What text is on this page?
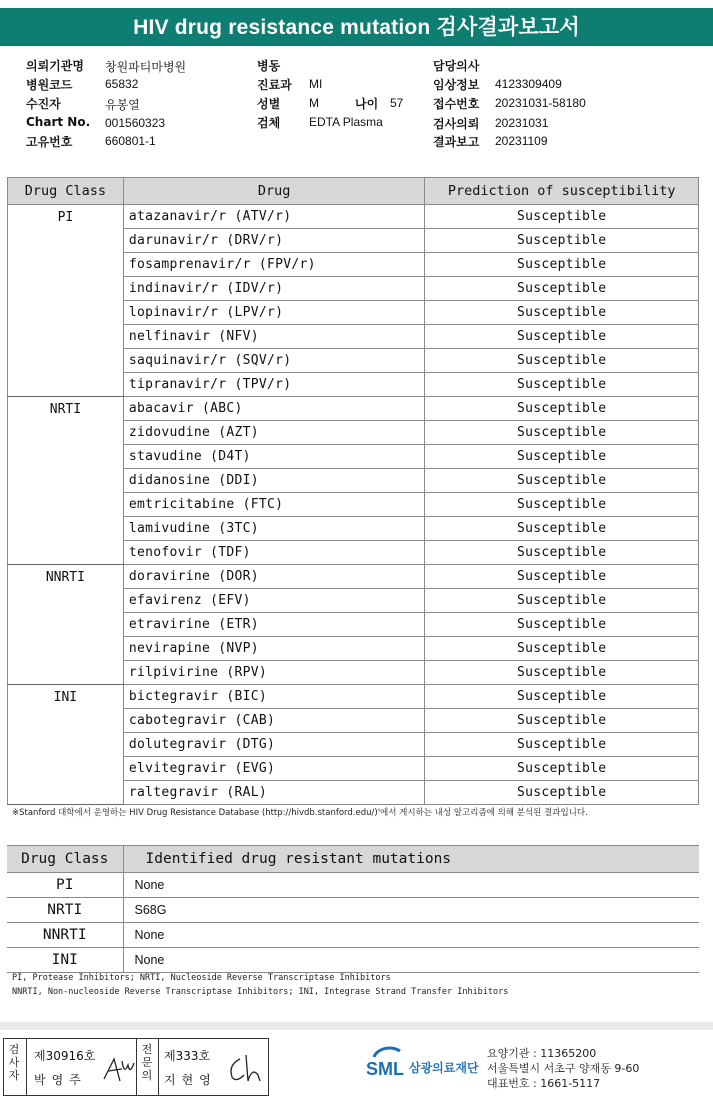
HIV drug resistance mutation 검사결과보고서
의뢰기관명 창원파티마병원
병원코드	65832
수진자	유봉열
Chart No. 001560323
고유번호	660801-1
병동
진료과 MI
성별 M	나이 57
검체 EDTA Plasma
담당의사
임상정보 4123309409
접수번호 20231031-58180
검사의뢰 20231031
결과보고 20231109
Drug Class	Drug	Prediction of susceptibility
PI	atazanavir/r (ATV/r)	Susceptible
	darunavir/r (DRV/r)	Susceptible
	fosamprenavir/r (FPV/r)	Susceptible
	indinavir/r (IDV/r)	Susceptible
	lopinavir/r (LPV/r)	Susceptible
	nelfinavir (NFV)	Susceptible
	saquinavir/r (SQV/r)	Susceptible
	tipranavir/r (TPV/r)	Susceptible
NRTI	abacavir (ABC)	Susceptible
	zidovudine (AZT)	Susceptible
	stavudine (D4T)	Susceptible
	didanosine (DDI)	Susceptible
	emtricitabine (FTC)	Susceptible
	lamivudine (3TC)	Susceptible
	tenofovir (TDF)	Susceptible
NNRTI	doravirine (DOR)	Susceptible
	efavirenz (EFV)	Susceptible
	etravirine (ETR)	Susceptible
	nevirapine (NVP)	Susceptible
	rilpivirine (RPV)	Susceptible
INI	bictegravir (BIC)	Susceptible
	cabotegravir (CAB)	Susceptible
	dolutegravir (DTG)	Susceptible
	elvitegravir (EVG)	Susceptible
	raltegravir (RAL)	Susceptible
※Stanford 대학에서 운영하는 HIV Drug Resistance Database (http://hivdb.stanford.edu/)'에서 게시하는 내성 알고리즘에 의해 분석된 결과입니다.
Drug Class	Identified drug resistant mutations
PI	None
NRTI	S68G
NNRTI	None
INI	None
PI, Protease Inhibitors; NRTI, Nucleoside Reverse Transcriptase Inhibitors
NNRTI, Non-nucleoside Reverse Transcriptase Inhibitors; INI, Integrase Strand Transfer Inhibitors
검
사
자
제30916호
박영주
전
문
의
제333호
지현영
SML 삼광의료재단
요양기관 : 11365200
서울특별시 서초구 양재동 9-60
대표번호 : 1661-5117
